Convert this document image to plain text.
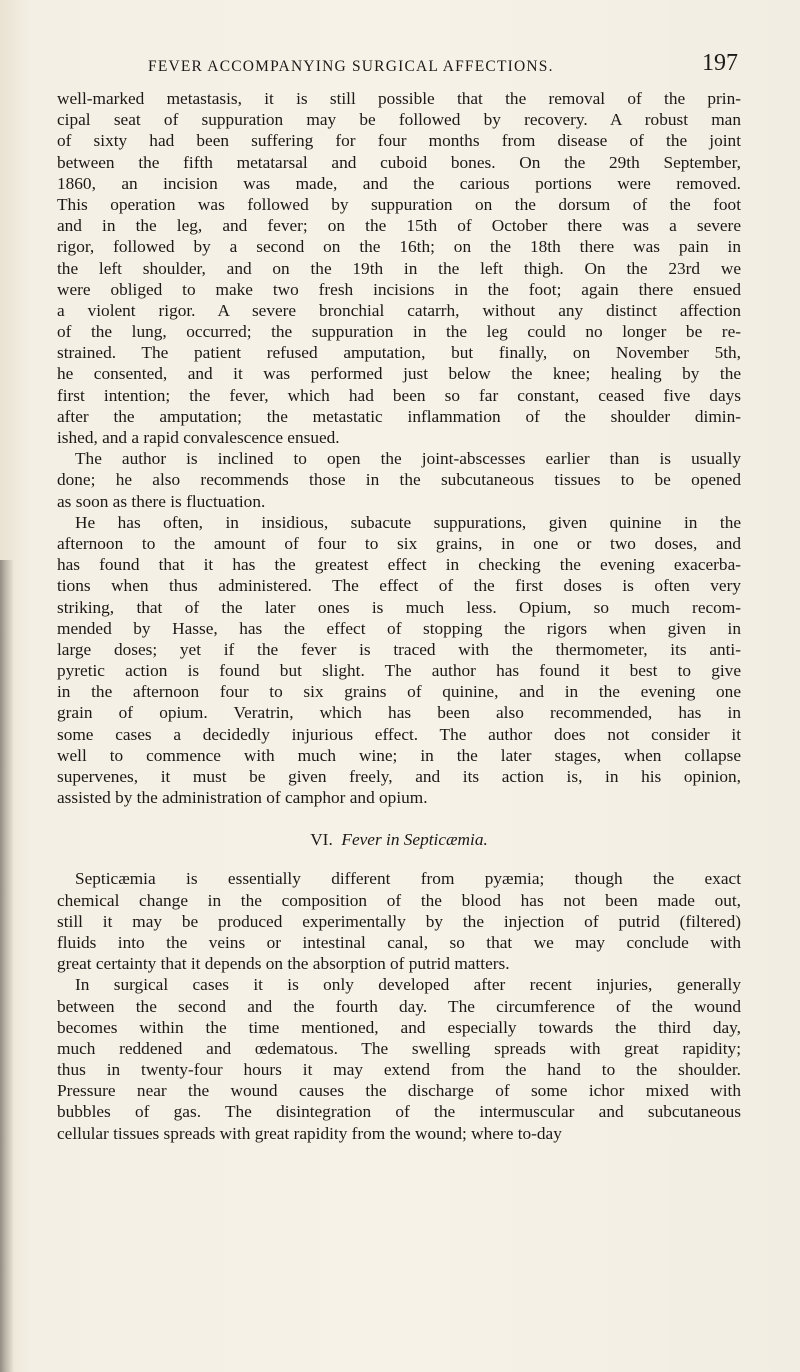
FEVER ACCOMPANYING SURGICAL AFFECTIONS.	197
well-marked metastasis, it is still possible that the removal of the prin-
cipal seat of suppuration may be followed by recovery. A robust man
of sixty had been suffering for four months from disease of the joint
between the fifth metatarsal and cuboid bones. On the 29th September,
1860, an incision was made, and the carious portions were removed.
This operation was followed by suppuration on the dorsum of the foot
and in the leg, and fever; on the 15th of October there was a severe
rigor, followed by a second on the 16th; on the 18th there was pain in
the left shoulder, and on the 19th in the left thigh. On the 23rd we
were obliged to make two fresh incisions in the foot; again there ensued
a violent rigor. A severe bronchial catarrh, without any distinct affection
of the lung, occurred; the suppuration in the leg could no longer be re-
strained. The patient refused amputation, but finally, on November 5th,
he consented, and it was performed just below the knee; healing by the
first intention; the fever, which had been so far constant, ceased five days
after the amputation; the metastatic inflammation of the shoulder dimin-
ished, and a rapid convalescence ensued.
The author is inclined to open the joint-abscesses earlier than is usually
done; he also recommends those in the subcutaneous tissues to be opened
as soon as there is fluctuation.
He has often, in insidious, subacute suppurations, given quinine in the
afternoon to the amount of four to six grains, in one or two doses, and
has found that it has the greatest effect in checking the evening exacerba-
tions when thus administered. The effect of the first doses is often very
striking, that of the later ones is much less. Opium, so much recom-
mended by Hasse, has the effect of stopping the rigors when given in
large doses; yet if the fever is traced with the thermometer, its anti-
pyretic action is found but slight. The author has found it best to give
in the afternoon four to six grains of quinine, and in the evening one
grain of opium. Veratrin, which has been also recommended, has in
some cases a decidedly injurious effect. The author does not consider it
well to commence with much wine; in the later stages, when collapse
supervenes, it must be given freely, and its action is, in his opinion,
assisted by the administration of camphor and opium.
VI. Fever in Septicæmia.
Septicæmia is essentially different from pyæmia; though the exact
chemical change in the composition of the blood has not been made out,
still it may be produced experimentally by the injection of putrid (filtered)
fluids into the veins or intestinal canal, so that we may conclude with
great certainty that it depends on the absorption of putrid matters.
In surgical cases it is only developed after recent injuries, generally
between the second and the fourth day. The circumference of the wound
becomes within the time mentioned, and especially towards the third day,
much reddened and œdematous. The swelling spreads with great rapidity;
thus in twenty-four hours it may extend from the hand to the shoulder.
Pressure near the wound causes the discharge of some ichor mixed with
bubbles of gas. The disintegration of the intermuscular and subcutaneous
cellular tissues spreads with great rapidity from the wound; where to-day
